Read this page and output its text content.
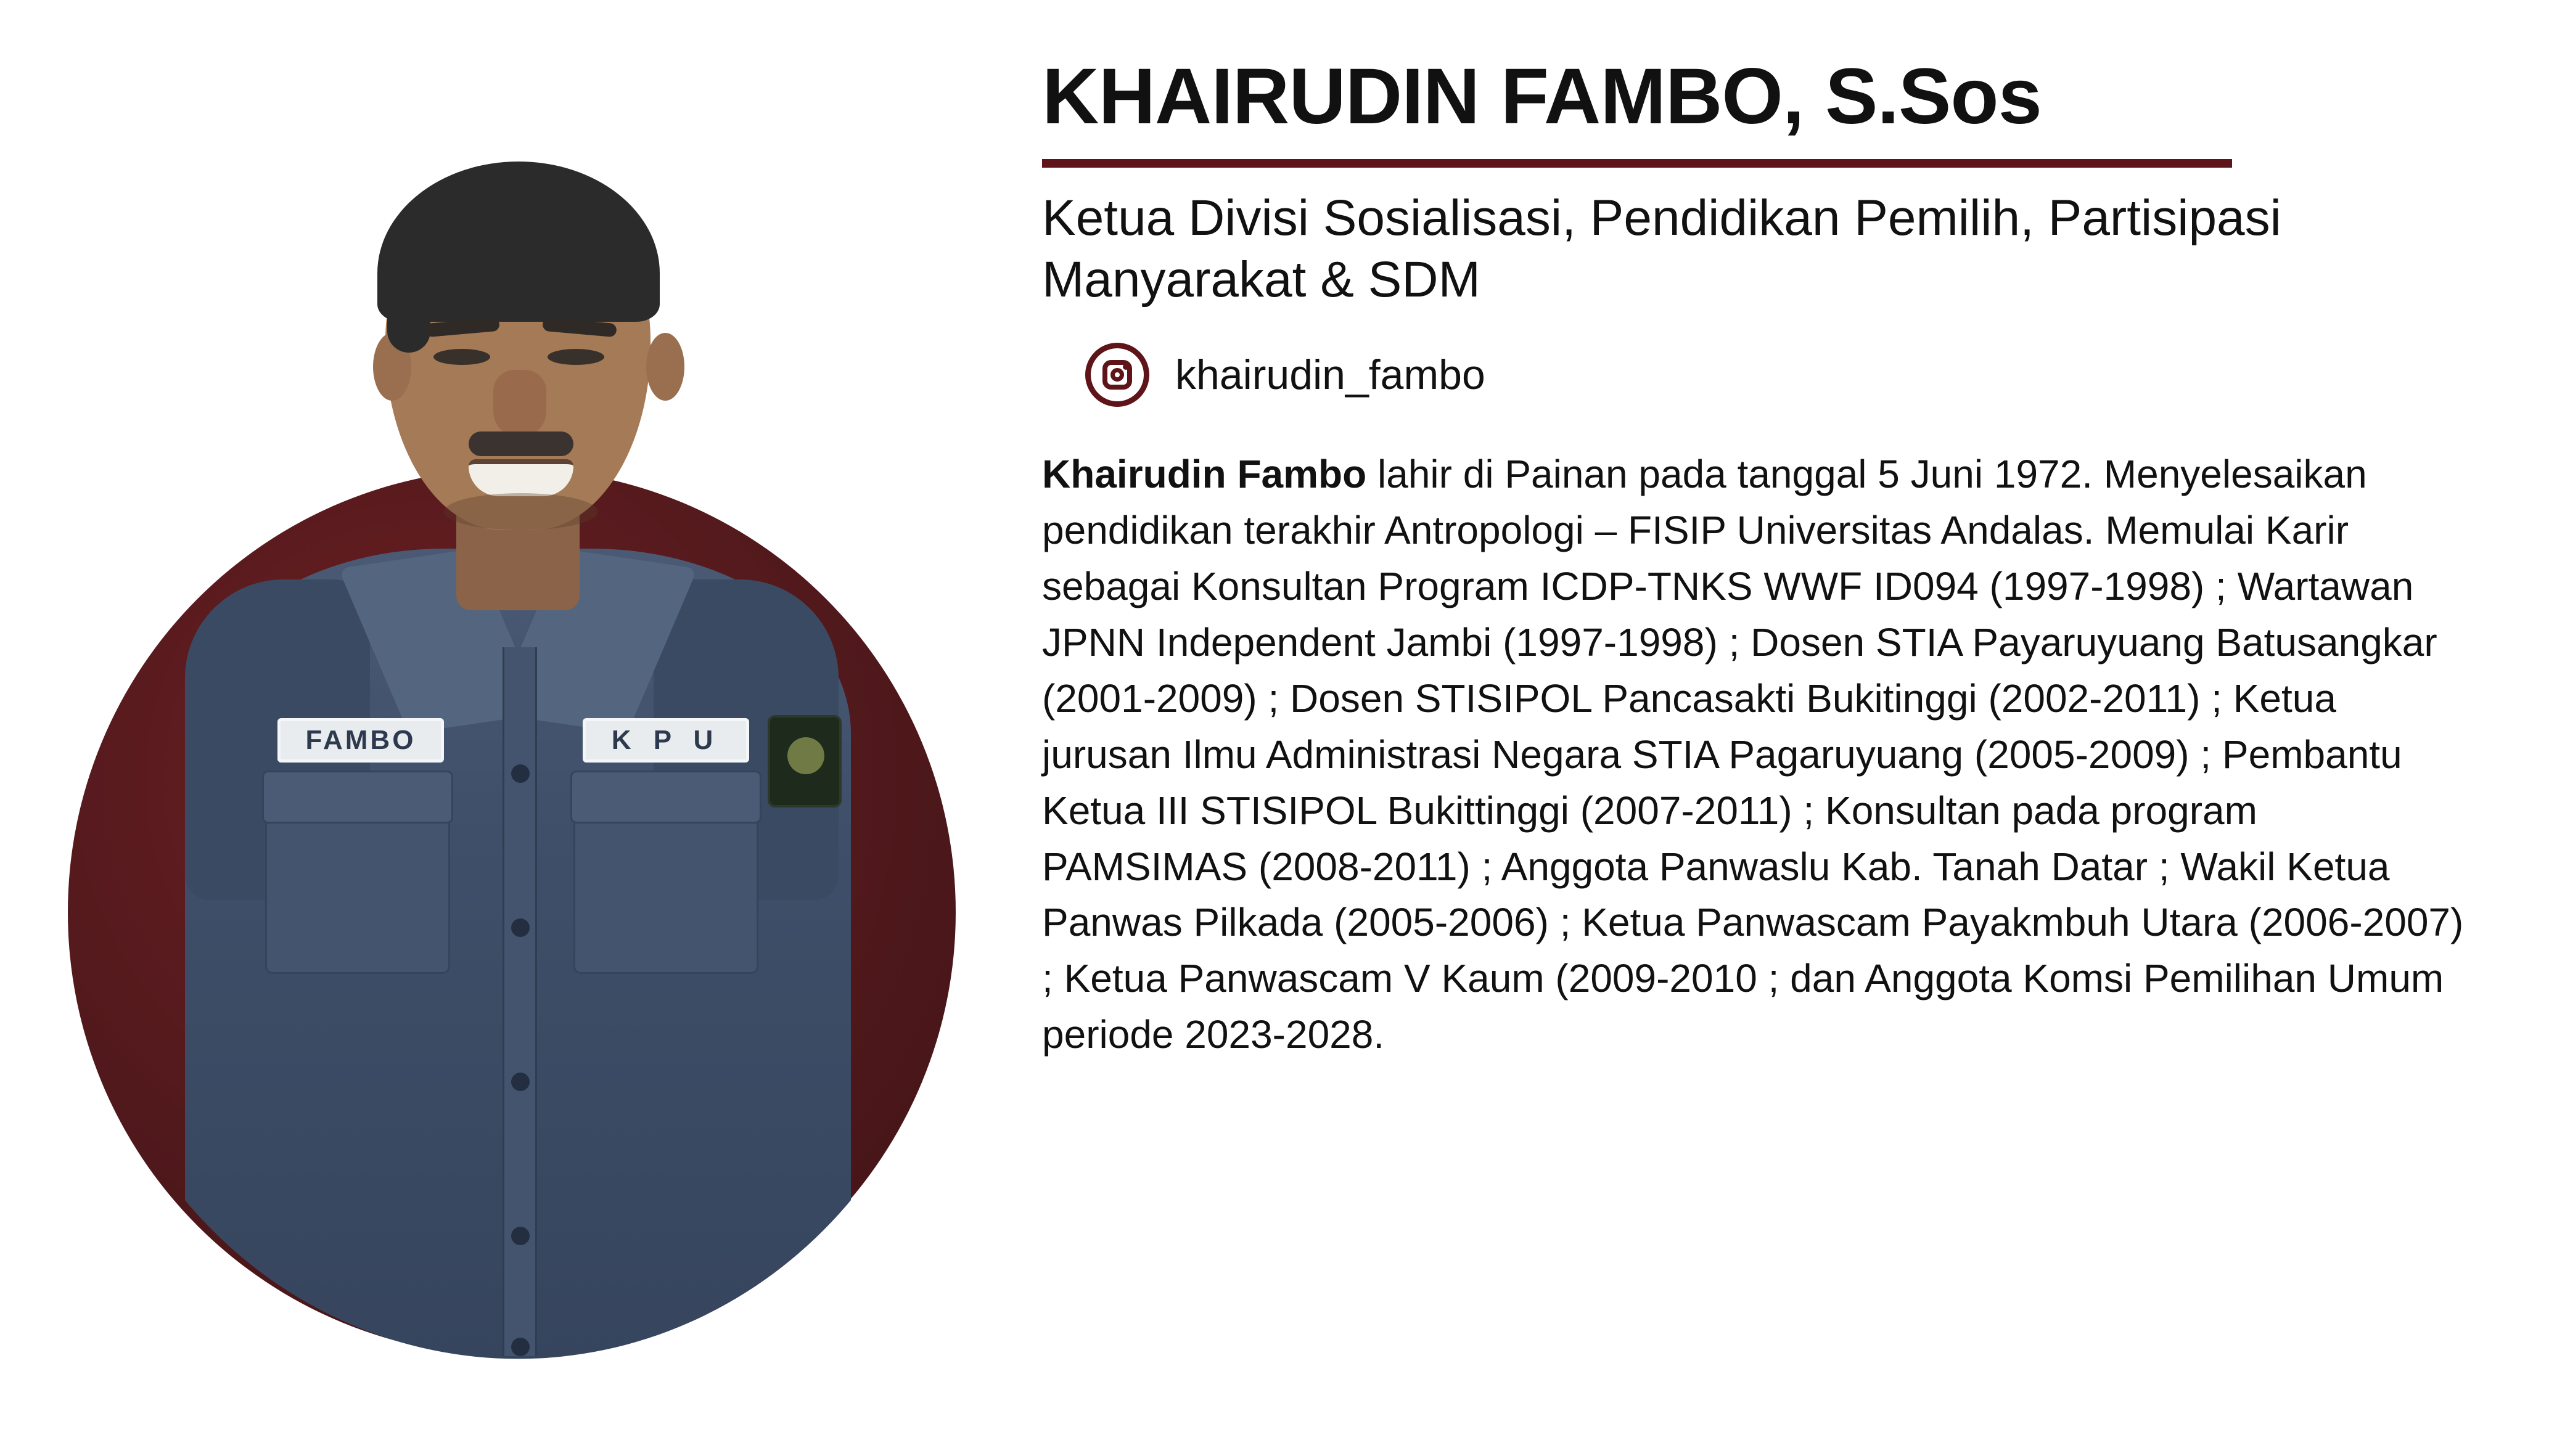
FAMBO	K P U
KHAIRUDIN FAMBO, S.Sos
Ketua Divisi Sosialisasi, Pendidikan Pemilih, Partisipasi Manyarakat & SDM
khairudin_fambo

Khairudin Fambo lahir di Painan pada tanggal 5 Juni 1972. Menyelesaikan pendidikan terakhir Antropologi – FISIP Universitas Andalas. Memulai Karir sebagai Konsultan Program ICDP-TNKS WWF ID094 (1997-1998) ; Wartawan JPNN Independent Jambi (1997-1998) ; Dosen STIA Payaruyuang Batusangkar (2001-2009) ; Dosen STISIPOL Pancasakti Bukitinggi (2002-2011) ; Ketua jurusan Ilmu Administrasi Negara STIA Pagaruyuang (2005-2009) ; Pembantu Ketua III STISIPOL Bukittinggi (2007-2011) ; Konsultan pada program PAMSIMAS (2008-2011) ; Anggota Panwaslu Kab. Tanah Datar ; Wakil Ketua Panwas Pilkada (2005-2006) ; Ketua Panwascam Payakmbuh Utara (2006-2007) ; Ketua Panwascam V Kaum (2009-2010 ; dan Anggota Komsi Pemilihan Umum periode 2023-2028.
